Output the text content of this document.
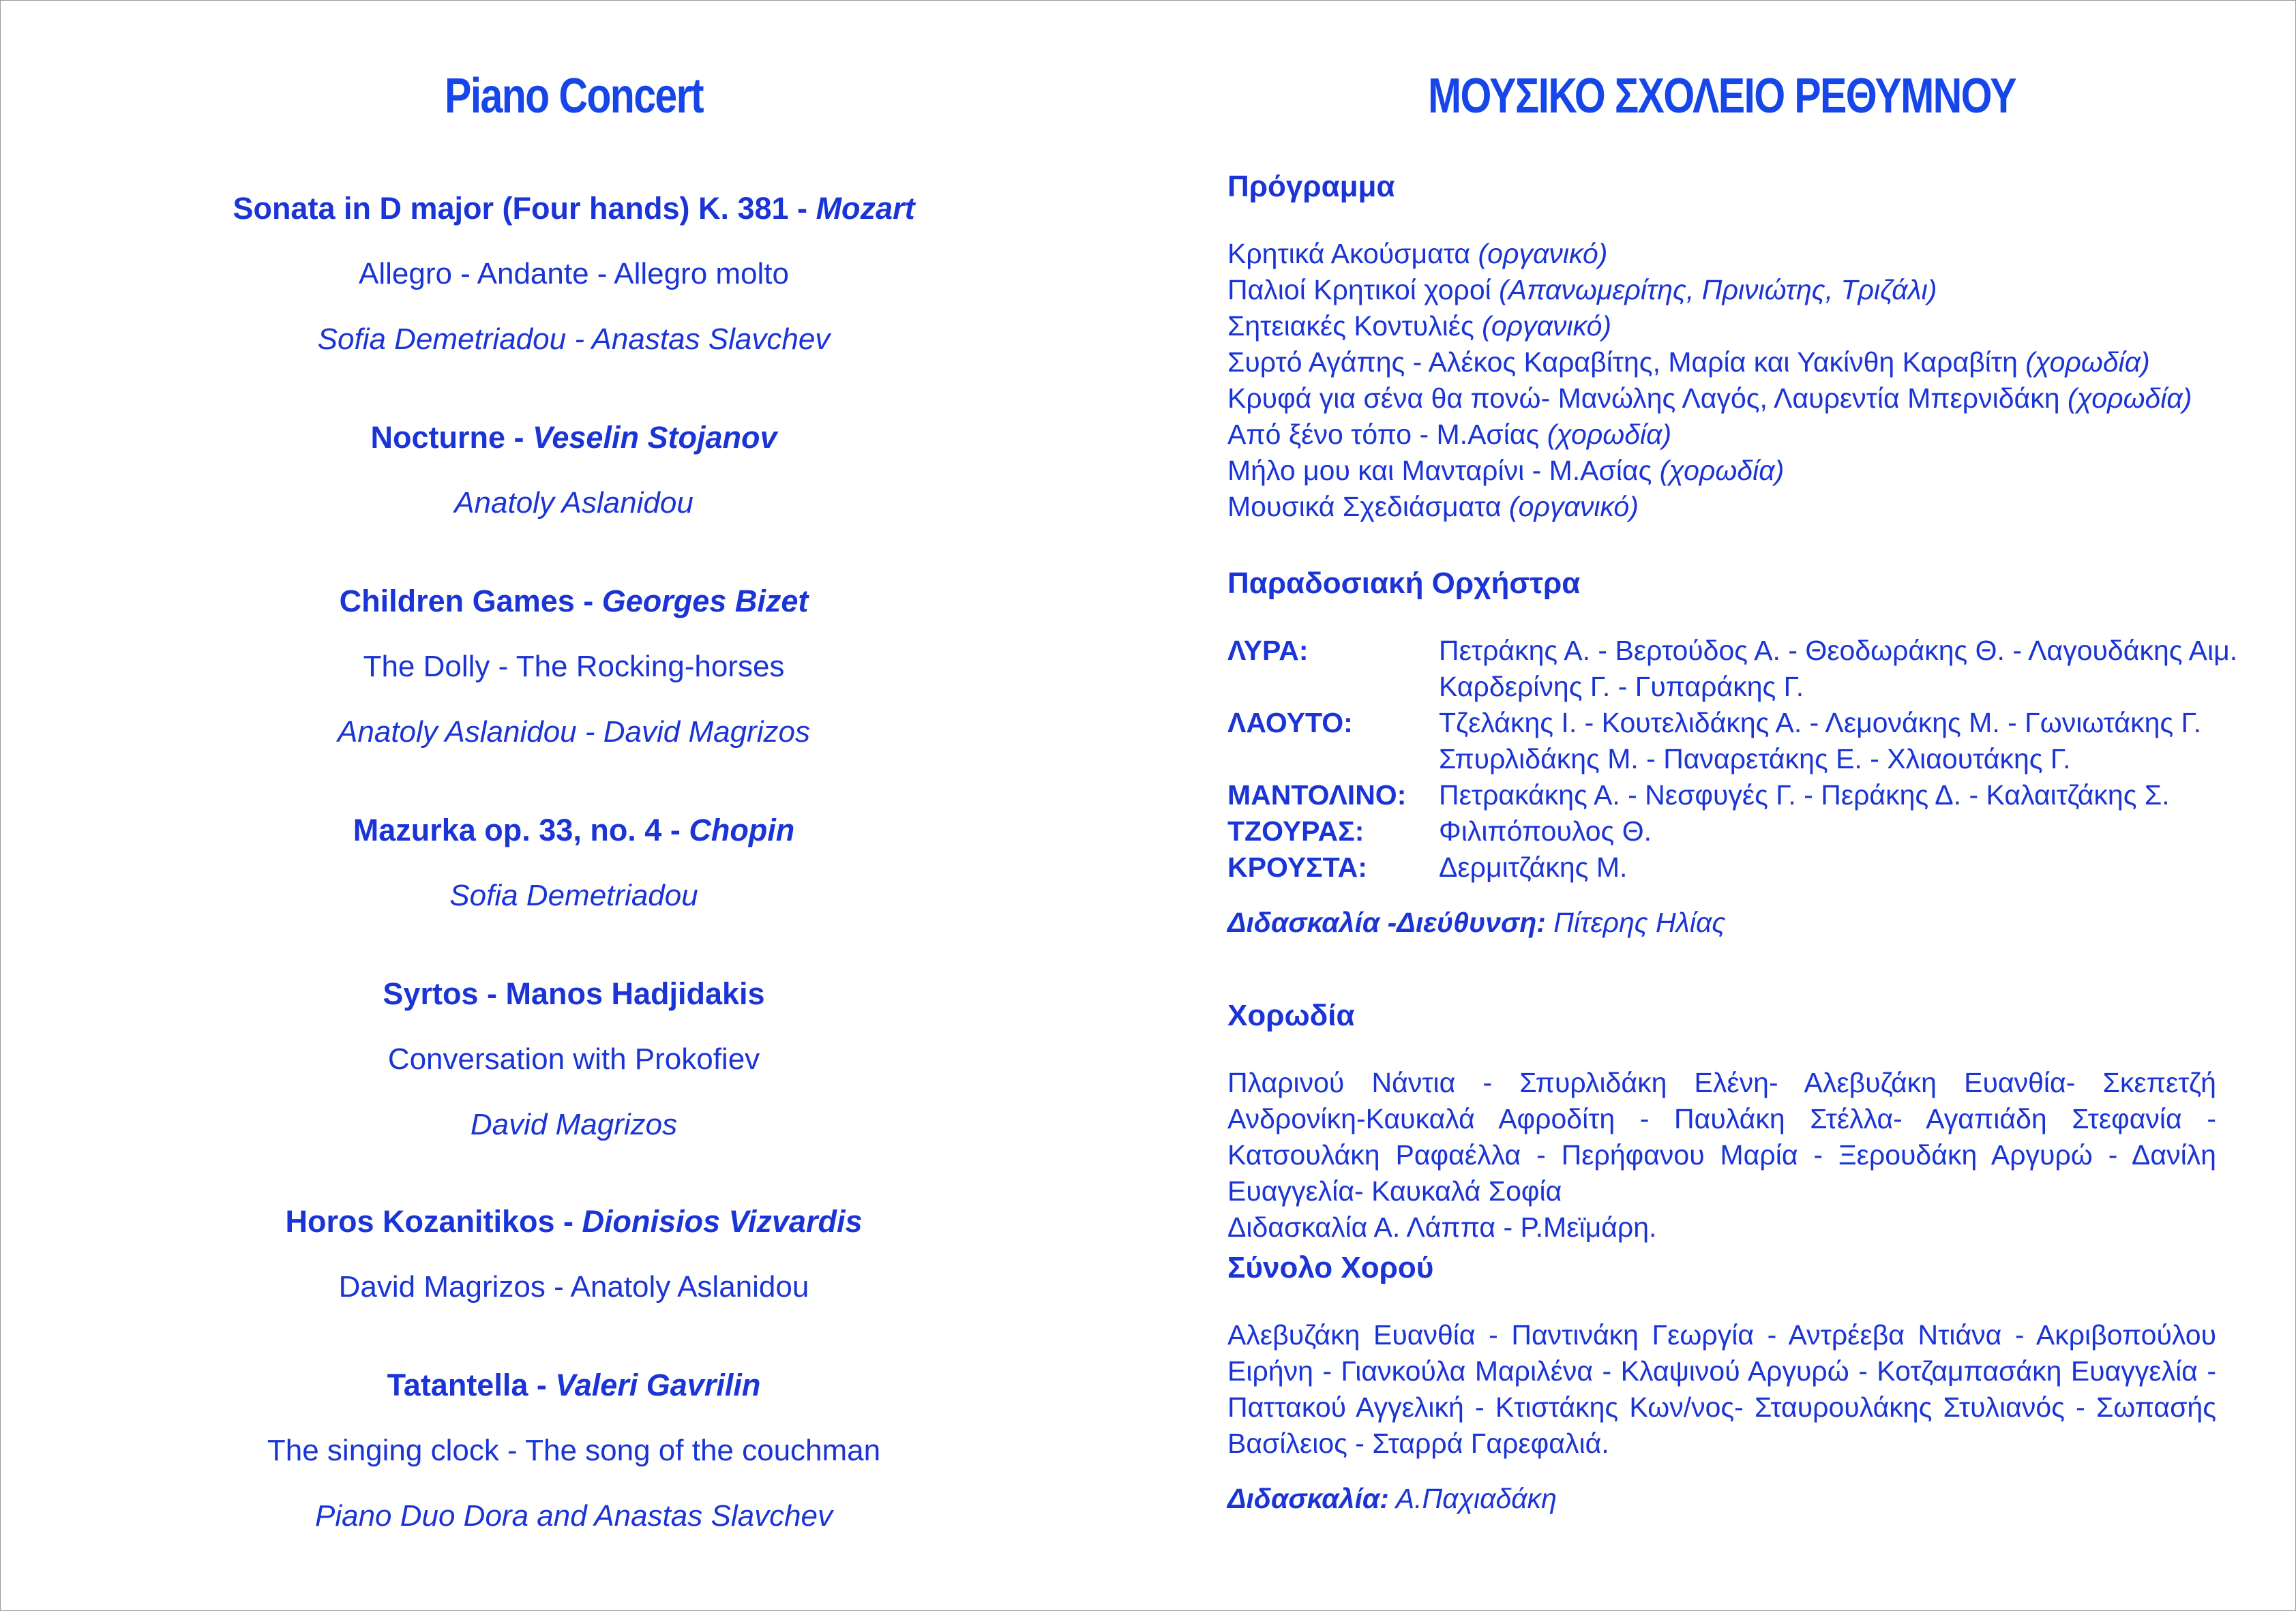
Piano Concert
Sonata in D major (Four hands) K. 381 - Mozart
Allegro - Andante - Allegro molto
Sofia Demetriadou - Anastas Slavchev
Nocturne - Veselin Stojanov
Anatoly Aslanidou
Children Games - Georges Bizet
The Dolly - The Rocking-horses
Anatoly Aslanidou - David Magrizos
Mazurka op. 33, no. 4 - Chopin
Sofia Demetriadou
Syrtos - Manos Hadjidakis
Conversation with Prokofiev
David Magrizos
Horos Kozanitikos - Dionisios Vizvardis
David Magrizos - Anatoly Aslanidou
Tatantella - Valeri Gavrilin
The singing clock - The song of the couchman
Piano Duo Dora and Anastas Slavchev
ΜΟΥΣΙΚΟ ΣΧΟΛΕΙΟ ΡΕΘΥΜΝΟΥ
Πρόγραμμα
Κρητικά Ακούσματα (οργανικό)
Παλιοί Κρητικοί χοροί (Απανωμερίτης, Πρινιώτης, Τριζάλι)
Σητειακές Κοντυλιές (οργανικό)
Συρτό Αγάπης - Αλέκος Καραβίτης, Μαρία και Υακίνθη Καραβίτη (χορωδία)
Κρυφά για σένα θα πονώ- Μανώλης Λαγός, Λαυρεντία Μπερνιδάκη (χορωδία)
Από ξένο τόπο - Μ.Ασίας (χορωδία)
Μήλο μου και Μανταρίνι - Μ.Ασίας (χορωδία)
Μουσικά Σχεδιάσματα (οργανικό)
Παραδοσιακή Ορχήστρα
ΛΥΡΑ:	Πετράκης Α. - Βερτούδος Α. - Θεοδωράκης Θ. - Λαγουδάκης Αιμ.
Καρδερίνης Γ. - Γυπαράκης Γ.
ΛΑΟΥΤΟ:	Τζελάκης Ι. - Κουτελιδάκης Α. - Λεμονάκης Μ. - Γωνιωτάκης Γ.
Σπυρλιδάκης Μ. - Παναρετάκης Ε. - Χλιαουτάκης Γ.
ΜΑΝΤΟΛΙΝΟ:	Πετρακάκης Α. - Νεσφυγές Γ. - Περάκης Δ. - Καλαιτζάκης Σ.
ΤΖΟΥΡΑΣ:	Φιλιπόπουλος Θ.
ΚΡΟΥΣΤΑ:	Δερμιτζάκης Μ.
Διδασκαλία -Διεύθυνση: Πίτερης Ηλίας
Χορωδία
Πλαρινού Νάντια - Σπυρλιδάκη Ελένη- Αλεβυζάκη Ευανθία- Σκεπετζή Ανδρονίκη-Καυκαλά Αφροδίτη - Παυλάκη Στέλλα- Αγαπιάδη Στεφανία - Κατσουλάκη Ραφαέλλα - Περήφανου Μαρία - Ξερουδάκη Αργυρώ - Δανίλη Ευαγγελία- Καυκαλά Σοφία
Διδασκαλία Α. Λάππα - Ρ.Μεϊμάρη.
Σύνολο Χορού
Αλεβυζάκη Ευανθία - Παντινάκη Γεωργία - Αντρέεβα Ντιάνα - Ακριβοπούλου Ειρήνη - Γιανκούλα Μαριλένα - Κλαψινού Αργυρώ - Κοτζαμπασάκη Ευαγγελία - Παττακού Αγγελική - Κτιστάκης Κων/νος- Σταυρουλάκης Στυλιανός - Σωπασής Βασίλειος - Σταρρά Γαρεφαλιά.
Διδασκαλία: Α.Παχιαδάκη
